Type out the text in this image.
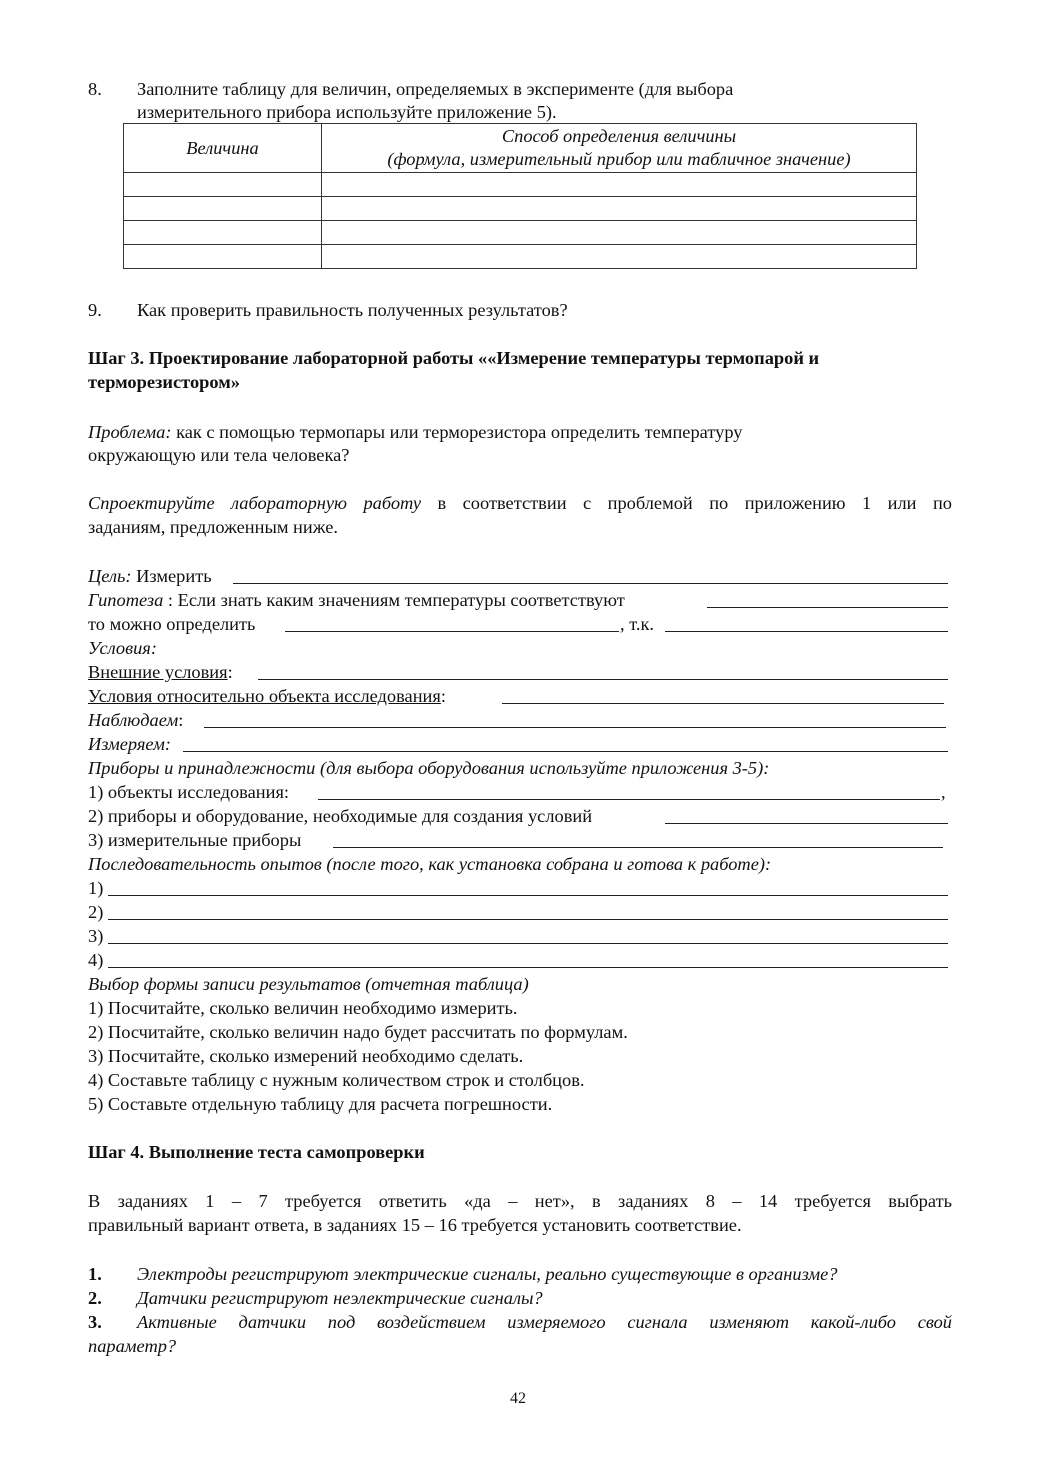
8. Заполните таблицу для величин, определяемых в эксперименте (для выбора
измерительного прибора используйте приложение 5).
Величина	Способ определения величины
(формула, измерительный прибор или табличное значение)

9. Как проверить правильность полученных результатов?
Шаг 3. Проектирование лабораторной работы ««Измерение температуры термопарой и
терморезистором»
Проблема: как с помощью термопары или терморезистора определить температуру
окружающую или тела человека?
Спроектируйте лабораторную работу в соответствии с проблемой по приложению 1 или по
заданиям, предложенным ниже.
Цель: Измерить
Гипотеза : Если знать каким значениям температуры соответствуют
то можно определить	, т.к.
Условия:
Внешние условия:
Условия относительно объекта исследования:
Наблюдаем:
Измеряем:
Приборы и принадлежности (для выбора оборудования используйте приложения 3-5):
1) объекты исследования:	,
2) приборы и оборудование, необходимые для создания условий
3) измерительные приборы
Последовательность опытов (после того, как установка собрана и готова к работе):
1)
2)
3)
4)
Выбор формы записи результатов (отчетная таблица)
1) Посчитайте, сколько величин необходимо измерить.
2) Посчитайте, сколько величин надо будет рассчитать по формулам.
3) Посчитайте, сколько измерений необходимо сделать.
4) Составьте таблицу с нужным количеством строк и столбцов.
5) Составьте отдельную таблицу для расчета погрешности.
Шаг 4. Выполнение теста самопроверки
В заданиях 1 – 7 требуется ответить «да – нет», в заданиях 8 – 14 требуется выбрать
правильный вариант ответа, в заданиях 15 – 16 требуется установить соответствие.
1. Электроды регистрируют электрические сигналы, реально существующие в организме?
2. Датчики регистрируют неэлектрические сигналы?
3. Активные датчики под воздействием измеряемого сигнала изменяют какой-либо свой
параметр?
42
